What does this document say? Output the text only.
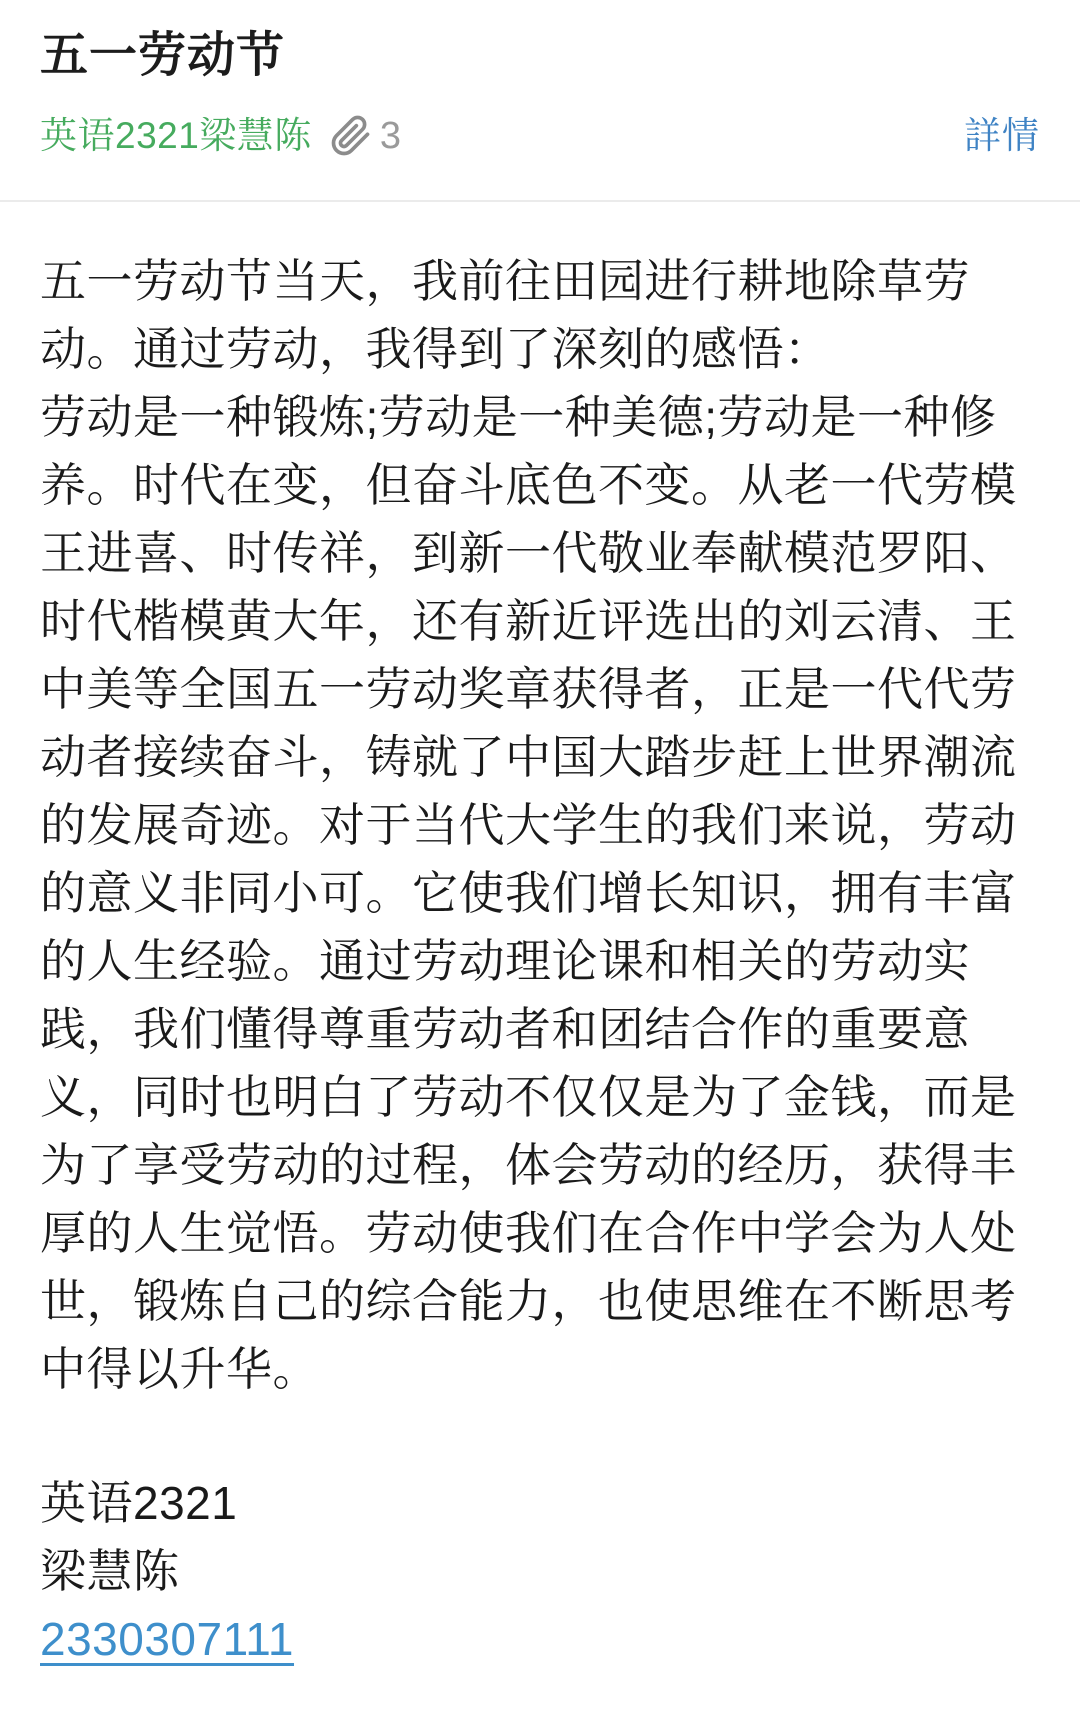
五一劳动节
英语2321梁慧陈 3	詳情
五一劳动节当天，我前往田园进行耕地除草劳
动。通过劳动，我得到了深刻的感悟：
劳动是一种锻炼;劳动是一种美德;劳动是一种修
养。时代在变，但奋斗底色不变。从老一代劳模
王进喜、时传祥，到新一代敬业奉献模范罗阳、
时代楷模黄大年，还有新近评选出的刘云清、王
中美等全国五一劳动奖章获得者，正是一代代劳
动者接续奋斗，铸就了中国大踏步赶上世界潮流
的发展奇迹。对于当代大学生的我们来说，劳动
的意义非同小可。它使我们增长知识，拥有丰富
的人生经验。通过劳动理论课和相关的劳动实
践，我们懂得尊重劳动者和团结合作的重要意
义，同时也明白了劳动不仅仅是为了金钱，而是
为了享受劳动的过程，体会劳动的经历，获得丰
厚的人生觉悟。劳动使我们在合作中学会为人处
世，锻炼自己的综合能力，也使思维在不断思考
中得以升华。
英语2321
梁慧陈
2330307111
